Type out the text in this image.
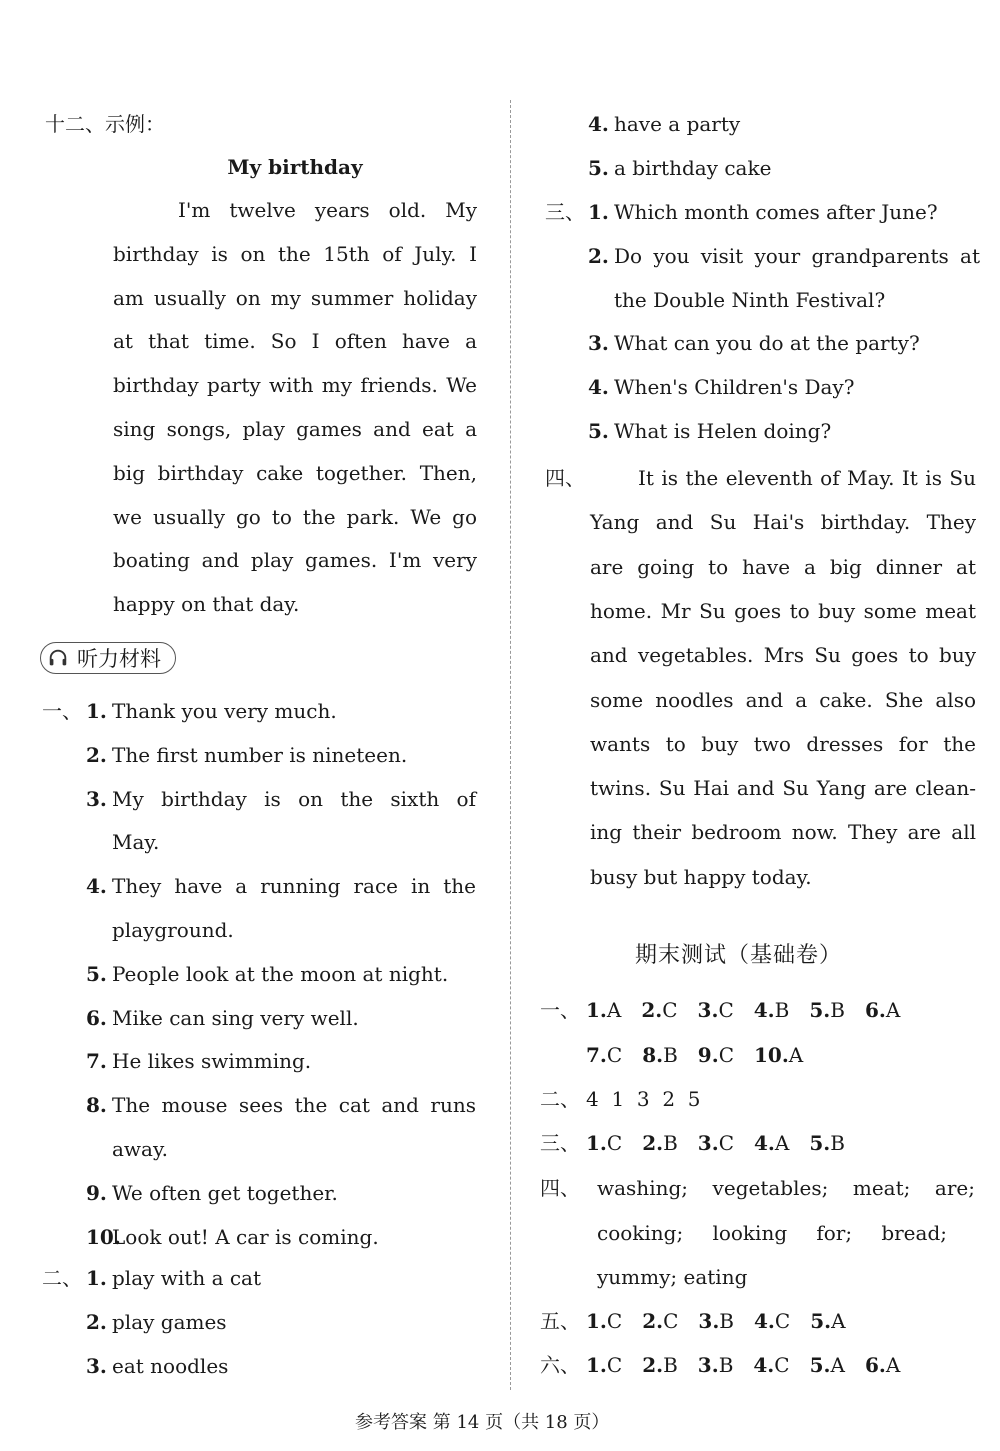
十二、示例：
My birthday
I'm twelve years old. My
birthday is on the 15th of July. I
am usually on my summer holiday
at that time. So I often have a
birthday party with my friends. We
sing songs, play games and eat a
big birthday cake together. Then,
we usually go to the park. We go
boating and play games. I'm very
happy on that day.
听力材料
一、 1. Thank you very much.
2. The first number is nineteen.
3. My birthday is on the sixth of
May.
4. They have a running race in the
playground.
5. People look at the moon at night.
6. Mike can sing very well.
7. He likes swimming.
8. The mouse sees the cat and runs
away.
9. We often get together.
10.
Look out! A car is coming.
二、 1. play with a cat
2. play games
3. eat noodles
4. have a party
5. a birthday cake
三、 1. Which month comes after June?
2. Do you visit your grandparents at
the Double Ninth Festival?
3. What can you do at the party?
4. When's Children's Day?
5. What is Helen doing?
四、	It is the eleventh of May. It is Su
Yang and Su Hai's birthday. They
are going to have a big dinner at
home. Mr Su goes to buy some meat
and vegetables. Mrs Su goes to buy
some noodles and a cake. She also
wants to buy two dresses for the
twins. Su Hai and Su Yang are clean-
ing their bedroom now. They are all
busy but happy today.
期末测试（基础卷）
一、 1.A 2.C 3.C 4.B 5.B 6.A
7.C 8.B 9.C 10.A
二、 4  1  3  2  5
三、 1.C 2.B 3.C 4.A 5.B
四、 washing; vegetables; meat; are;
cooking; looking for; bread;
yummy; eating
五、 1.C 2.C 3.B 4.C 5.A
六、 1.C 2.B 3.B 4.C 5.A 6.A
参考答案 第 14 页（共 18 页）
